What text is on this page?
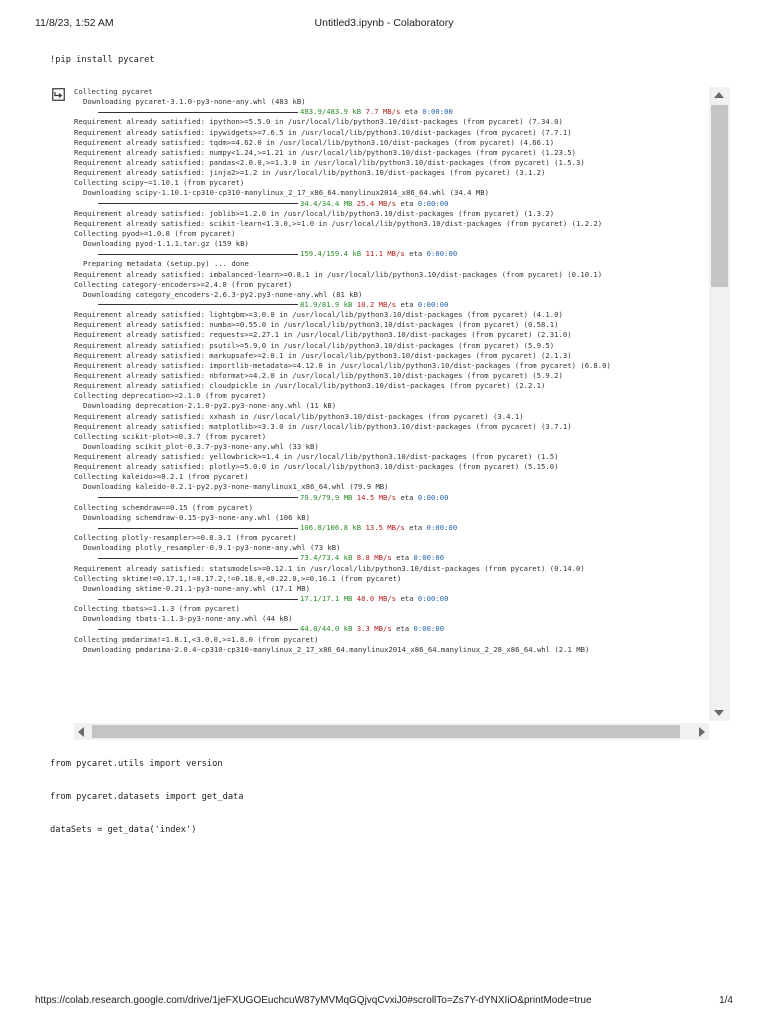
11/8/23, 1:52 AM	Untitled3.ipynb - Colaboratory
!pip install pycaret
Collecting pycaret
Downloading pycaret-3.1.0-py3-none-any.whl (483 kB)
483.9/483.9 kB 7.7 MB/s eta 0:00:00
Requirement already satisfied: ipython>=5.5.0 in /usr/local/lib/python3.10/dist-packages (from pycaret) (7.34.0)
Requirement already satisfied: ipywidgets>=7.6.5 in /usr/local/lib/python3.10/dist-packages (from pycaret) (7.7.1)
Requirement already satisfied: tqdm>=4.62.0 in /usr/local/lib/python3.10/dist-packages (from pycaret) (4.66.1)
Requirement already satisfied: numpy<1.24,>=1.21 in /usr/local/lib/python3.10/dist-packages (from pycaret) (1.23.5)
Requirement already satisfied: pandas<2.0.0,>=1.3.0 in /usr/local/lib/python3.10/dist-packages (from pycaret) (1.5.3)
Requirement already satisfied: jinja2>=1.2 in /usr/local/lib/python3.10/dist-packages (from pycaret) (3.1.2)
Collecting scipy~=1.10.1 (from pycaret)
Downloading scipy-1.10.1-cp310-cp310-manylinux_2_17_x86_64.manylinux2014_x86_64.whl (34.4 MB)
34.4/34.4 MB 25.4 MB/s eta 0:00:00
Requirement already satisfied: joblib>=1.2.0 in /usr/local/lib/python3.10/dist-packages (from pycaret) (1.3.2)
Requirement already satisfied: scikit-learn<1.3.0,>=1.0 in /usr/local/lib/python3.10/dist-packages (from pycaret) (1.2.2)
Collecting pyod>=1.0.8 (from pycaret)
Downloading pyod-1.1.1.tar.gz (159 kB)
159.4/159.4 kB 11.1 MB/s eta 0:00:00
Preparing metadata (setup.py) ... done
Requirement already satisfied: imbalanced-learn>=0.8.1 in /usr/local/lib/python3.10/dist-packages (from pycaret) (0.10.1)
Collecting category-encoders>=2.4.0 (from pycaret)
Downloading category_encoders-2.6.3-py2.py3-none-any.whl (81 kB)
81.9/81.9 kB 10.2 MB/s eta 0:00:00
Requirement already satisfied: lightgbm>=3.0.0 in /usr/local/lib/python3.10/dist-packages (from pycaret) (4.1.0)
Requirement already satisfied: numba>=0.55.0 in /usr/local/lib/python3.10/dist-packages (from pycaret) (0.58.1)
Requirement already satisfied: requests>=2.27.1 in /usr/local/lib/python3.10/dist-packages (from pycaret) (2.31.0)
Requirement already satisfied: psutil>=5.9.0 in /usr/local/lib/python3.10/dist-packages (from pycaret) (5.9.5)
Requirement already satisfied: markupsafe>=2.0.1 in /usr/local/lib/python3.10/dist-packages (from pycaret) (2.1.3)
Requirement already satisfied: importlib-metadata>=4.12.0 in /usr/local/lib/python3.10/dist-packages (from pycaret) (6.8.0)
Requirement already satisfied: nbformat>=4.2.0 in /usr/local/lib/python3.10/dist-packages (from pycaret) (5.9.2)
Requirement already satisfied: cloudpickle in /usr/local/lib/python3.10/dist-packages (from pycaret) (2.2.1)
Collecting deprecation>=2.1.0 (from pycaret)
Downloading deprecation-2.1.0-py2.py3-none-any.whl (11 kB)
Requirement already satisfied: xxhash in /usr/local/lib/python3.10/dist-packages (from pycaret) (3.4.1)
Requirement already satisfied: matplotlib>=3.3.0 in /usr/local/lib/python3.10/dist-packages (from pycaret) (3.7.1)
Collecting scikit-plot>=0.3.7 (from pycaret)
Downloading scikit_plot-0.3.7-py3-none-any.whl (33 kB)
Requirement already satisfied: yellowbrick>=1.4 in /usr/local/lib/python3.10/dist-packages (from pycaret) (1.5)
Requirement already satisfied: plotly>=5.0.0 in /usr/local/lib/python3.10/dist-packages (from pycaret) (5.15.0)
Collecting kaleido>=0.2.1 (from pycaret)
Downloading kaleido-0.2.1-py2.py3-none-manylinux1_x86_64.whl (79.9 MB)
79.9/79.9 MB 14.5 MB/s eta 0:00:00
Collecting schemdraw==0.15 (from pycaret)
Downloading schemdraw-0.15-py3-none-any.whl (106 kB)
106.8/106.8 kB 13.5 MB/s eta 0:00:00
Collecting plotly-resampler>=0.8.3.1 (from pycaret)
Downloading plotly_resampler-0.9.1-py3-none-any.whl (73 kB)
73.4/73.4 kB 8.8 MB/s eta 0:00:00
Requirement already satisfied: statsmodels>=0.12.1 in /usr/local/lib/python3.10/dist-packages (from pycaret) (0.14.0)
Collecting sktime!=0.17.1,!=0.17.2,!=0.18.0,<0.22.0,>=0.16.1 (from pycaret)
Downloading sktime-0.21.1-py3-none-any.whl (17.1 MB)
17.1/17.1 MB 48.0 MB/s eta 0:00:00
Collecting tbats>=1.1.3 (from pycaret)
Downloading tbats-1.1.3-py3-none-any.whl (44 kB)
44.0/44.0 kB 3.3 MB/s eta 0:00:00
Collecting pmdarima!=1.8.1,<3.0.0,>=1.8.0 (from pycaret)
Downloading pmdarima-2.0.4-cp310-cp310-manylinux_2_17_x86_64.manylinux2014_x86_64.manylinux_2_28_x86_64.whl (2.1 MB)
from pycaret.utils import version
from pycaret.datasets import get_data
dataSets = get_data('index')
https://colab.research.google.com/drive/1jeFXUGOEuchcuW87yMVMqGQjvqCvxiJ0#scrollTo=Zs7Y-dYNXIiO&printMode=true	1/4
